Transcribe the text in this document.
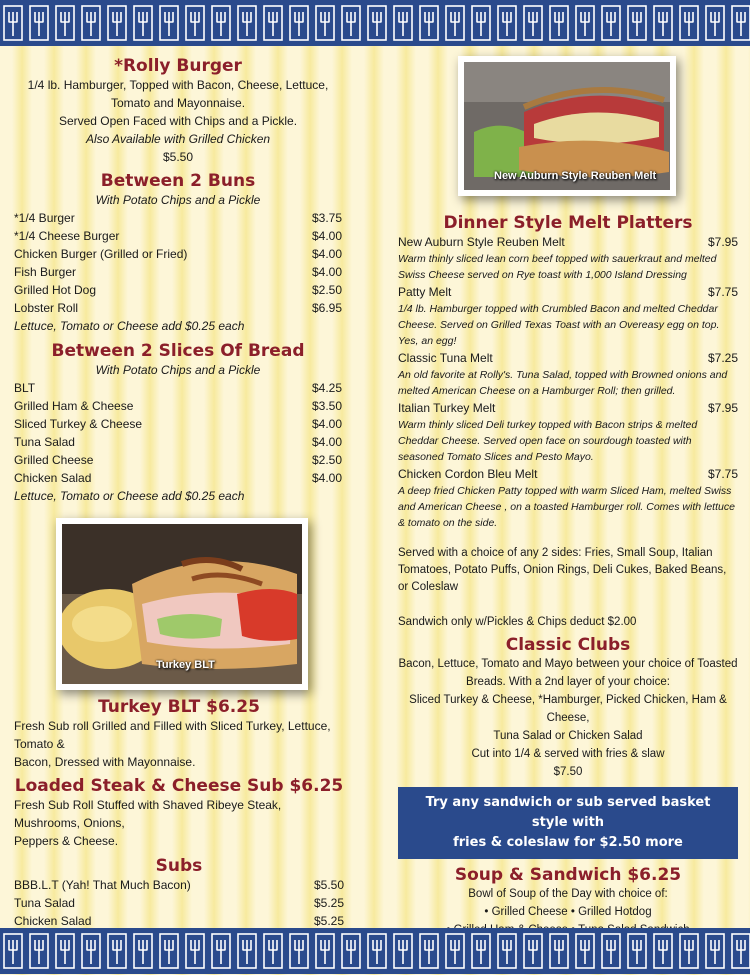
*Rolly Burger
1/4 lb. Hamburger, Topped with Bacon, Cheese, Lettuce,
Tomato and Mayonnaise.
Served Open Faced with Chips and a Pickle.
Also Available with Grilled Chicken
$5.50
Between 2 Buns
With Potato Chips and a Pickle
*1/4 Burger	$3.75
*1/4 Cheese Burger	$4.00
Chicken Burger (Grilled or Fried)	$4.00
Fish Burger	$4.00
Grilled Hot Dog	$2.50
Lobster Roll	$6.95
Lettuce, Tomato or Cheese add $0.25 each
Between 2 Slices Of Bread
With Potato Chips and a Pickle
BLT	$4.25
Grilled Ham & Cheese	$3.50
Sliced Turkey & Cheese	$4.00
Tuna Salad	$4.00
Grilled Cheese	$2.50
Chicken Salad	$4.00
Lettuce, Tomato or Cheese add $0.25 each
Turkey BLT
Turkey BLT $6.25
Fresh Sub roll Grilled and Filled with Sliced Turkey, Lettuce, Tomato &
Bacon, Dressed with Mayonnaise.
Loaded Steak & Cheese Sub $6.25
Fresh Sub Roll Stuffed with Shaved Ribeye Steak, Mushrooms, Onions,
Peppers & Cheese.
Subs
BBB.L.T (Yah! That Much Bacon)	$5.50
Tuna Salad	$5.25
Chicken Salad	$5.25
New Auburn Style Reuben Melt
Dinner Style Melt Platters
New Auburn Style Reuben Melt	$7.95
Warm thinly sliced lean corn beef topped with sauerkraut and melted Swiss Cheese served on Rye toast with 1,000 Island Dressing
Patty Melt	$7.75
1/4 lb. Hamburger topped with Crumbled Bacon and melted Cheddar Cheese. Served on Grilled Texas Toast with an Overeasy egg on top. Yes, an egg!
Classic Tuna Melt	$7.25
An old favorite at Rolly's. Tuna Salad, topped with Browned onions and melted American Cheese on a Hamburger Roll; then grilled.
Italian Turkey Melt	$7.95
Warm thinly sliced Deli turkey topped with Bacon strips & melted Cheddar Cheese. Served open face on sourdough toasted with seasoned Tomato Slices and Pesto Mayo.
Chicken Cordon Bleu Melt	$7.75
A deep fried Chicken Patty topped with warm Sliced Ham, melted Swiss and American Cheese , on a toasted Hamburger roll. Comes with lettuce & tomato on the side.
Served with a choice of any 2 sides: Fries, Small Soup, Italian Tomatoes, Potato Puffs, Onion Rings, Deli Cukes, Baked Beans, or Coleslaw
Sandwich only w/Pickles & Chips deduct $2.00
Classic Clubs
Bacon, Lettuce, Tomato and Mayo between your choice of Toasted
Breads. With a 2nd layer of your choice:
Sliced Turkey & Cheese, *Hamburger, Picked Chicken, Ham & Cheese,
Tuna Salad or Chicken Salad
Cut into 1/4 & served with fries & slaw
$7.50
Try any sandwich or sub served basket style with
fries & coleslaw for $2.50 more
Soup & Sandwich $6.25
Bowl of Soup of the Day with choice of:
• Grilled Cheese • Grilled Hotdog
